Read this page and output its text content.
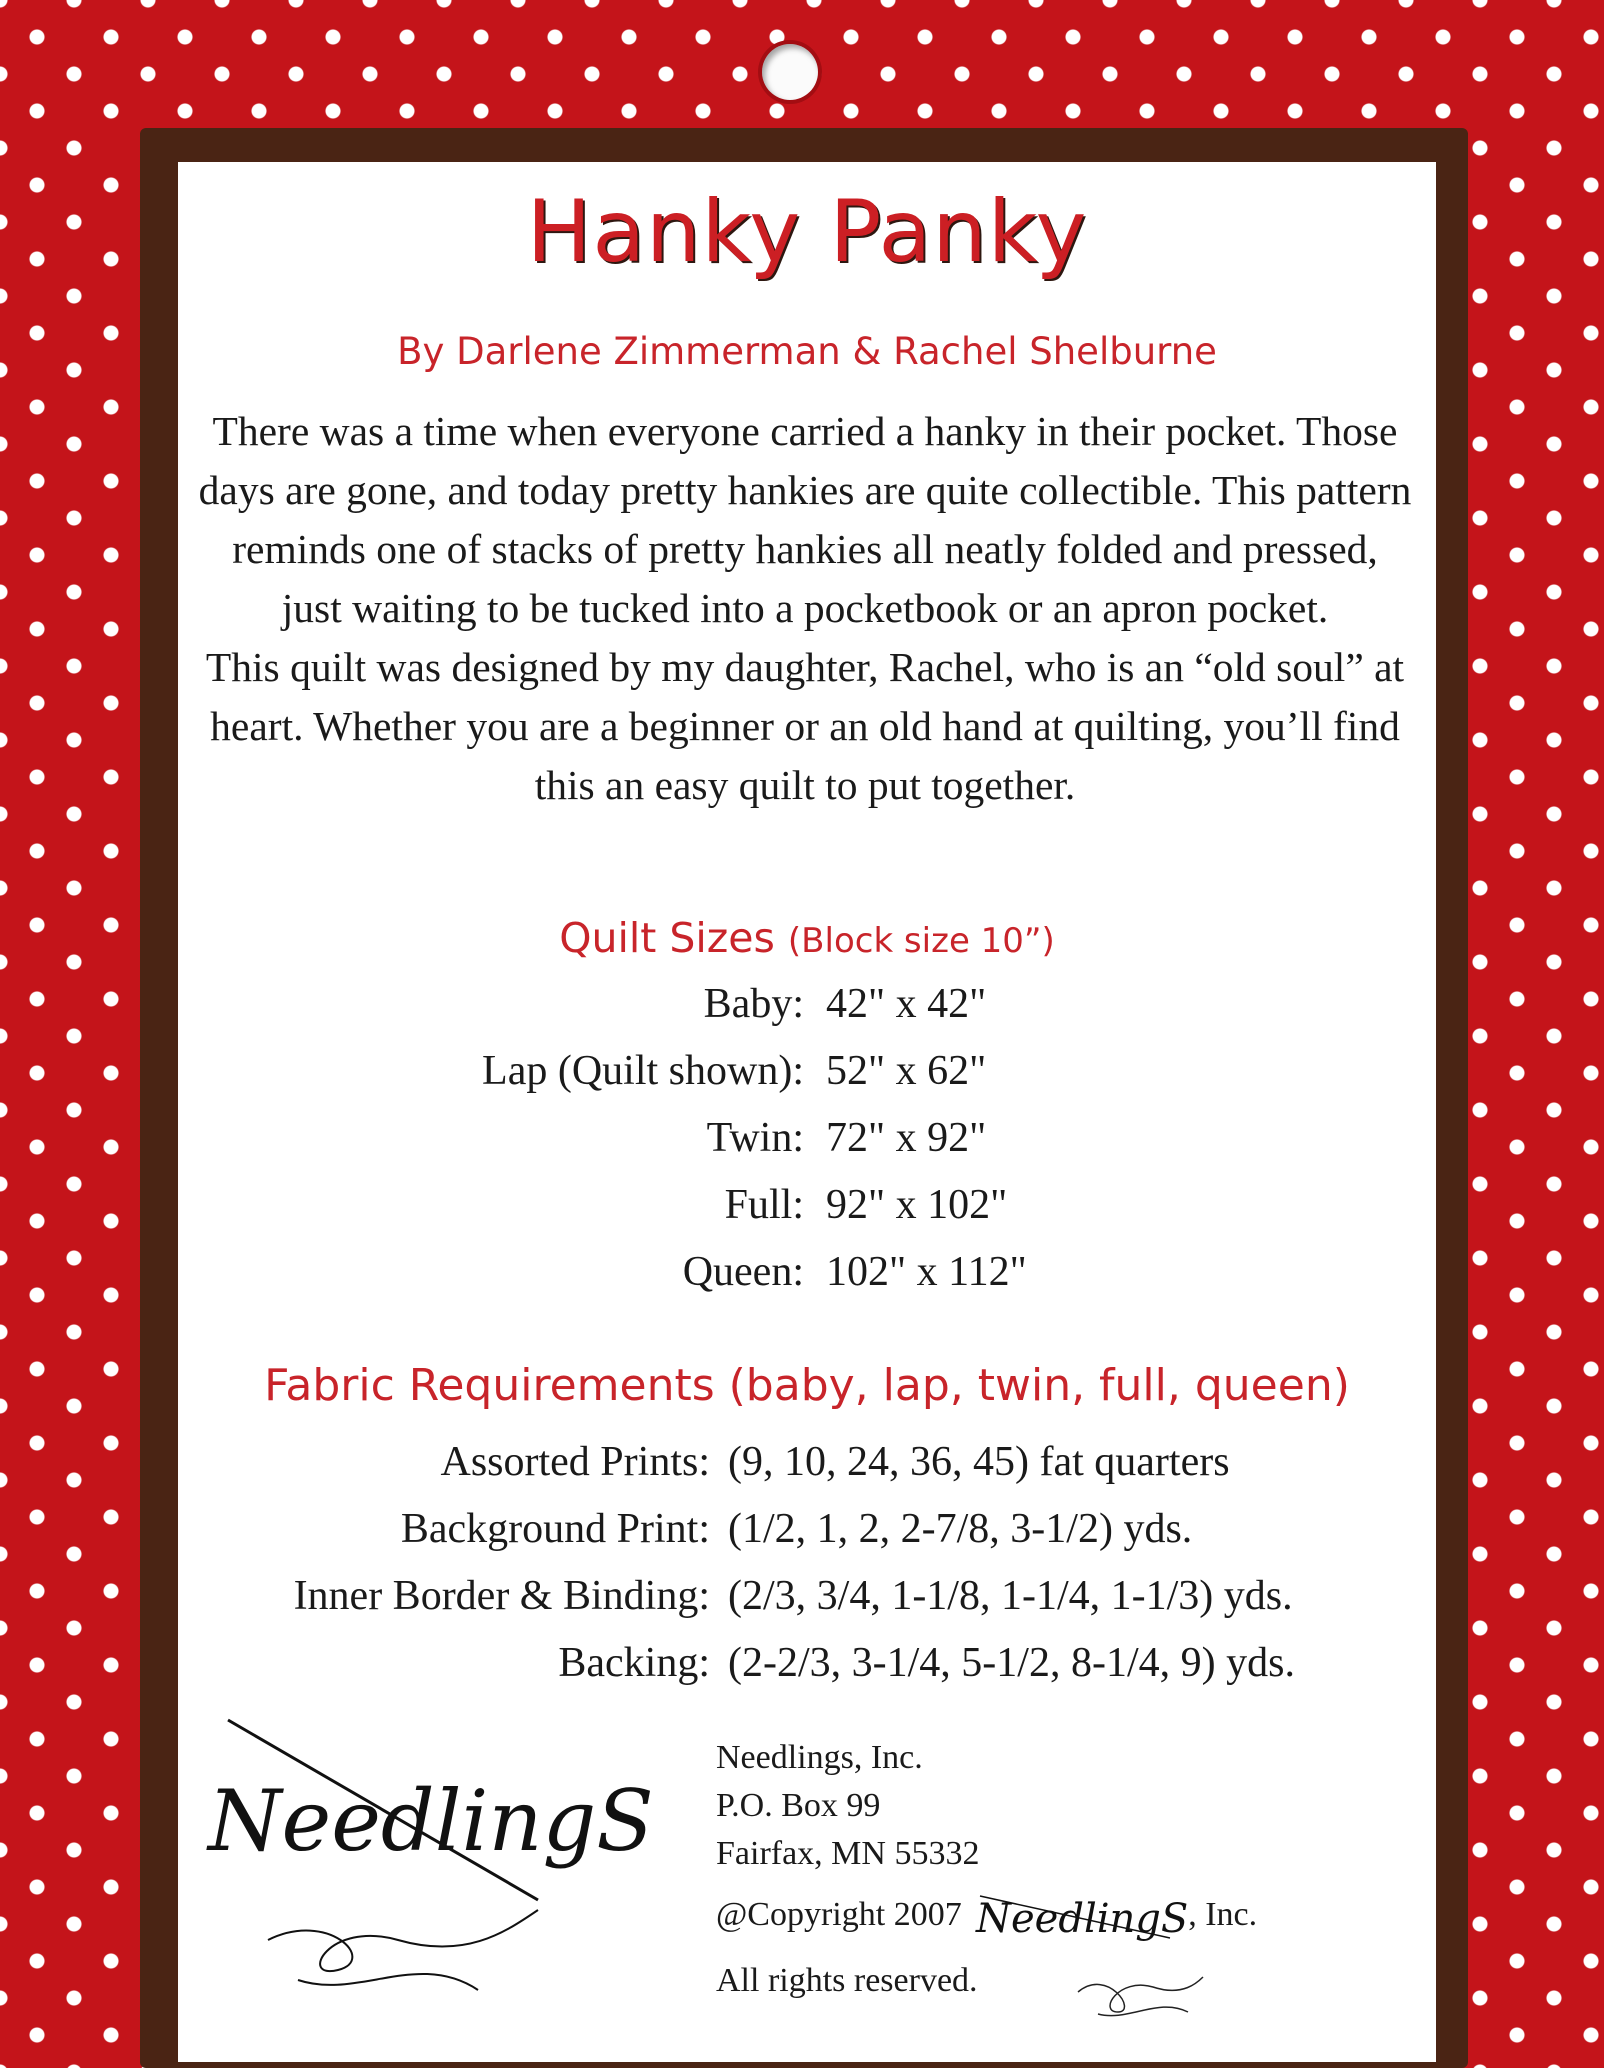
Hanky Panky
By Darlene Zimmerman & Rachel Shelburne

There was a time when everyone carried a hanky in their pocket. Those days are gone, and today pretty hankies are quite collectible. This pattern reminds one of stacks of pretty hankies all neatly folded and pressed, just waiting to be tucked into a pocketbook or an apron pocket.

This quilt was designed by my daughter, Rachel, who is an “old soul” at heart. Whether you are a beginner or an old hand at quilting, you’ll find this an easy quilt to put together.

Quilt Sizes (Block size 10”)
Baby: 42" x 42"
Lap (Quilt shown): 52" x 62"
Twin: 72" x 92"
Full: 92" x 102"
Queen: 102" x 112"
Fabric Requirements (baby, lap, twin, full, queen)
Assorted Prints: (9, 10, 24, 36, 45) fat quarters
Background Print: (1/2, 1, 2, 2-7/8, 3-1/2) yds.
Inner Border & Binding: (2/3, 3/4, 1-1/8, 1-1/4, 1-1/3) yds.
Backing: (2-2/3, 3-1/4, 5-1/2, 8-1/4, 9) yds.
NeedlingS
Needlings, Inc.
P.O. Box 99
Fairfax, MN 55332
@Copyright 2007 NeedlingS , Inc.
All rights reserved.
